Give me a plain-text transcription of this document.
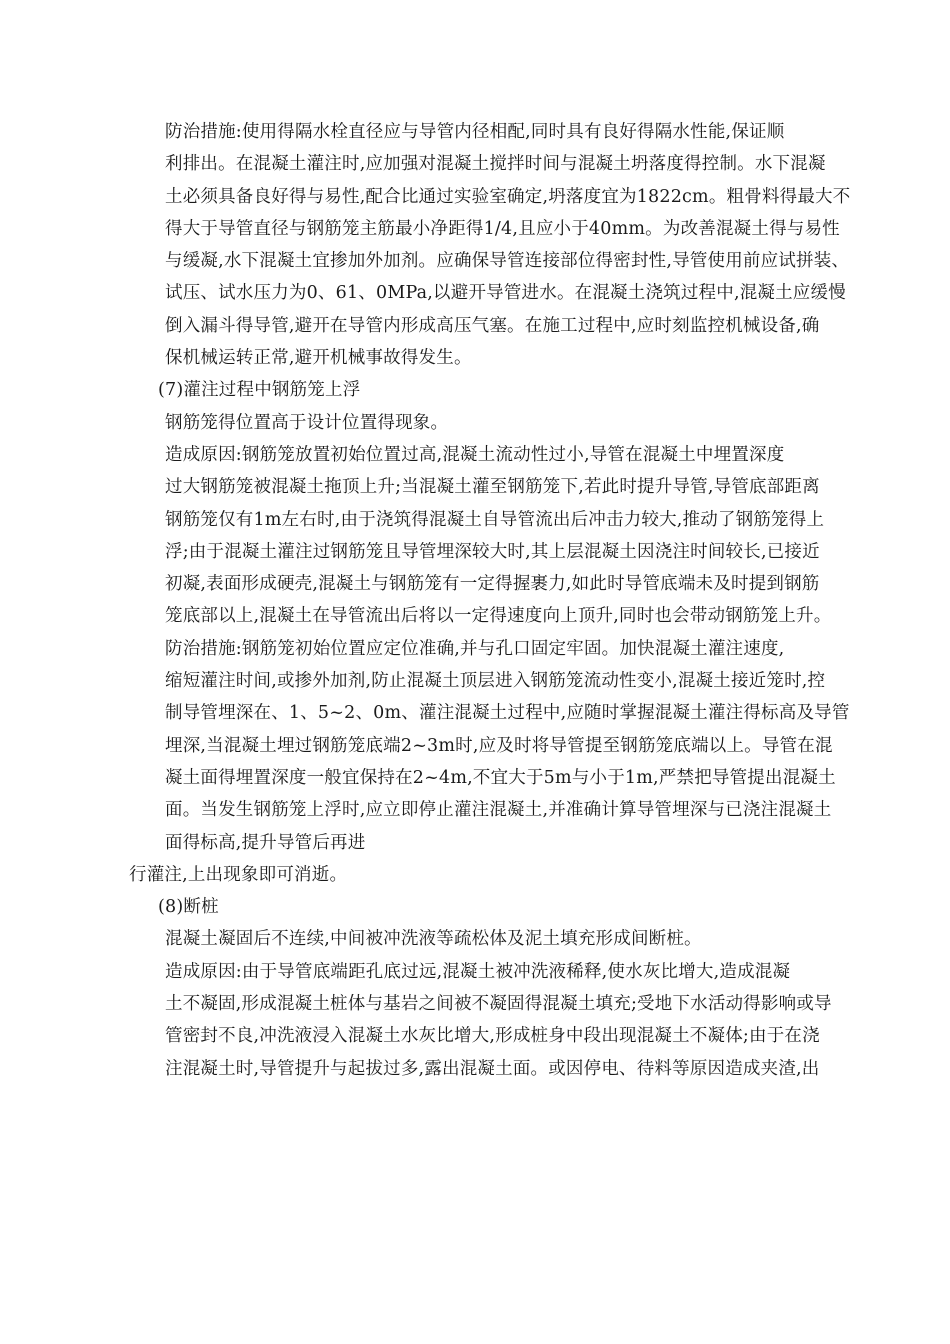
防治措施:使用得隔水栓直径应与导管内径相配,同时具有良好得隔水性能,保证顺
利排出。在混凝土灌注时,应加强对混凝土搅拌时间与混凝土坍落度得控制。水下混凝
土必须具备良好得与易性,配合比通过实验室确定,坍落度宜为1822cm。粗骨料得最大不
得大于导管直径与钢筋笼主筋最小净距得1/4,且应小于40mm。为改善混凝土得与易性
与缓凝,水下混凝土宜掺加外加剂。应确保导管连接部位得密封性,导管使用前应试拼装、
试压、试水压力为0、61、0MPa,以避开导管进水。在混凝土浇筑过程中,混凝土应缓慢
倒入漏斗得导管,避开在导管内形成高压气塞。在施工过程中,应时刻监控机械设备,确
保机械运转正常,避开机械事故得发生。

(7)灌注过程中钢筋笼上浮

钢筋笼得位置高于设计位置得现象。

造成原因:钢筋笼放置初始位置过高,混凝土流动性过小,导管在混凝土中埋置深度
过大钢筋笼被混凝土拖顶上升;当混凝土灌至钢筋笼下,若此时提升导管,导管底部距离
钢筋笼仅有1m左右时,由于浇筑得混凝土自导管流出后冲击力较大,推动了钢筋笼得上
浮;由于混凝土灌注过钢筋笼且导管埋深较大时,其上层混凝土因浇注时间较长,已接近
初凝,表面形成硬壳,混凝土与钢筋笼有一定得握裹力,如此时导管底端未及时提到钢筋
笼底部以上,混凝土在导管流出后将以一定得速度向上顶升,同时也会带动钢筋笼上升。

防治措施:钢筋笼初始位置应定位准确,并与孔口固定牢固。加快混凝土灌注速度,
缩短灌注时间,或掺外加剂,防止混凝土顶层进入钢筋笼流动性变小,混凝土接近笼时,控
制导管埋深在、1、5~2、0m、灌注混凝土过程中,应随时掌握混凝土灌注得标高及导管
埋深,当混凝土埋过钢筋笼底端2~3m时,应及时将导管提至钢筋笼底端以上。导管在混
凝土面得埋置深度一般宜保持在2~4m,不宜大于5m与小于1m,严禁把导管提出混凝土
面。当发生钢筋笼上浮时,应立即停止灌注混凝土,并准确计算导管埋深与已浇注混凝土
面得标高,提升导管后再进

行灌注,上出现象即可消逝。

(8)断桩

混凝土凝固后不连续,中间被冲洗液等疏松体及泥土填充形成间断桩。

造成原因:由于导管底端距孔底过远,混凝土被冲洗液稀释,使水灰比增大,造成混凝
土不凝固,形成混凝土桩体与基岩之间被不凝固得混凝土填充;受地下水活动得影响或导
管密封不良,冲洗液浸入混凝土水灰比增大,形成桩身中段出现混凝土不凝体;由于在浇
注混凝土时,导管提升与起拔过多,露出混凝土面。或因停电、待料等原因造成夹渣,出
